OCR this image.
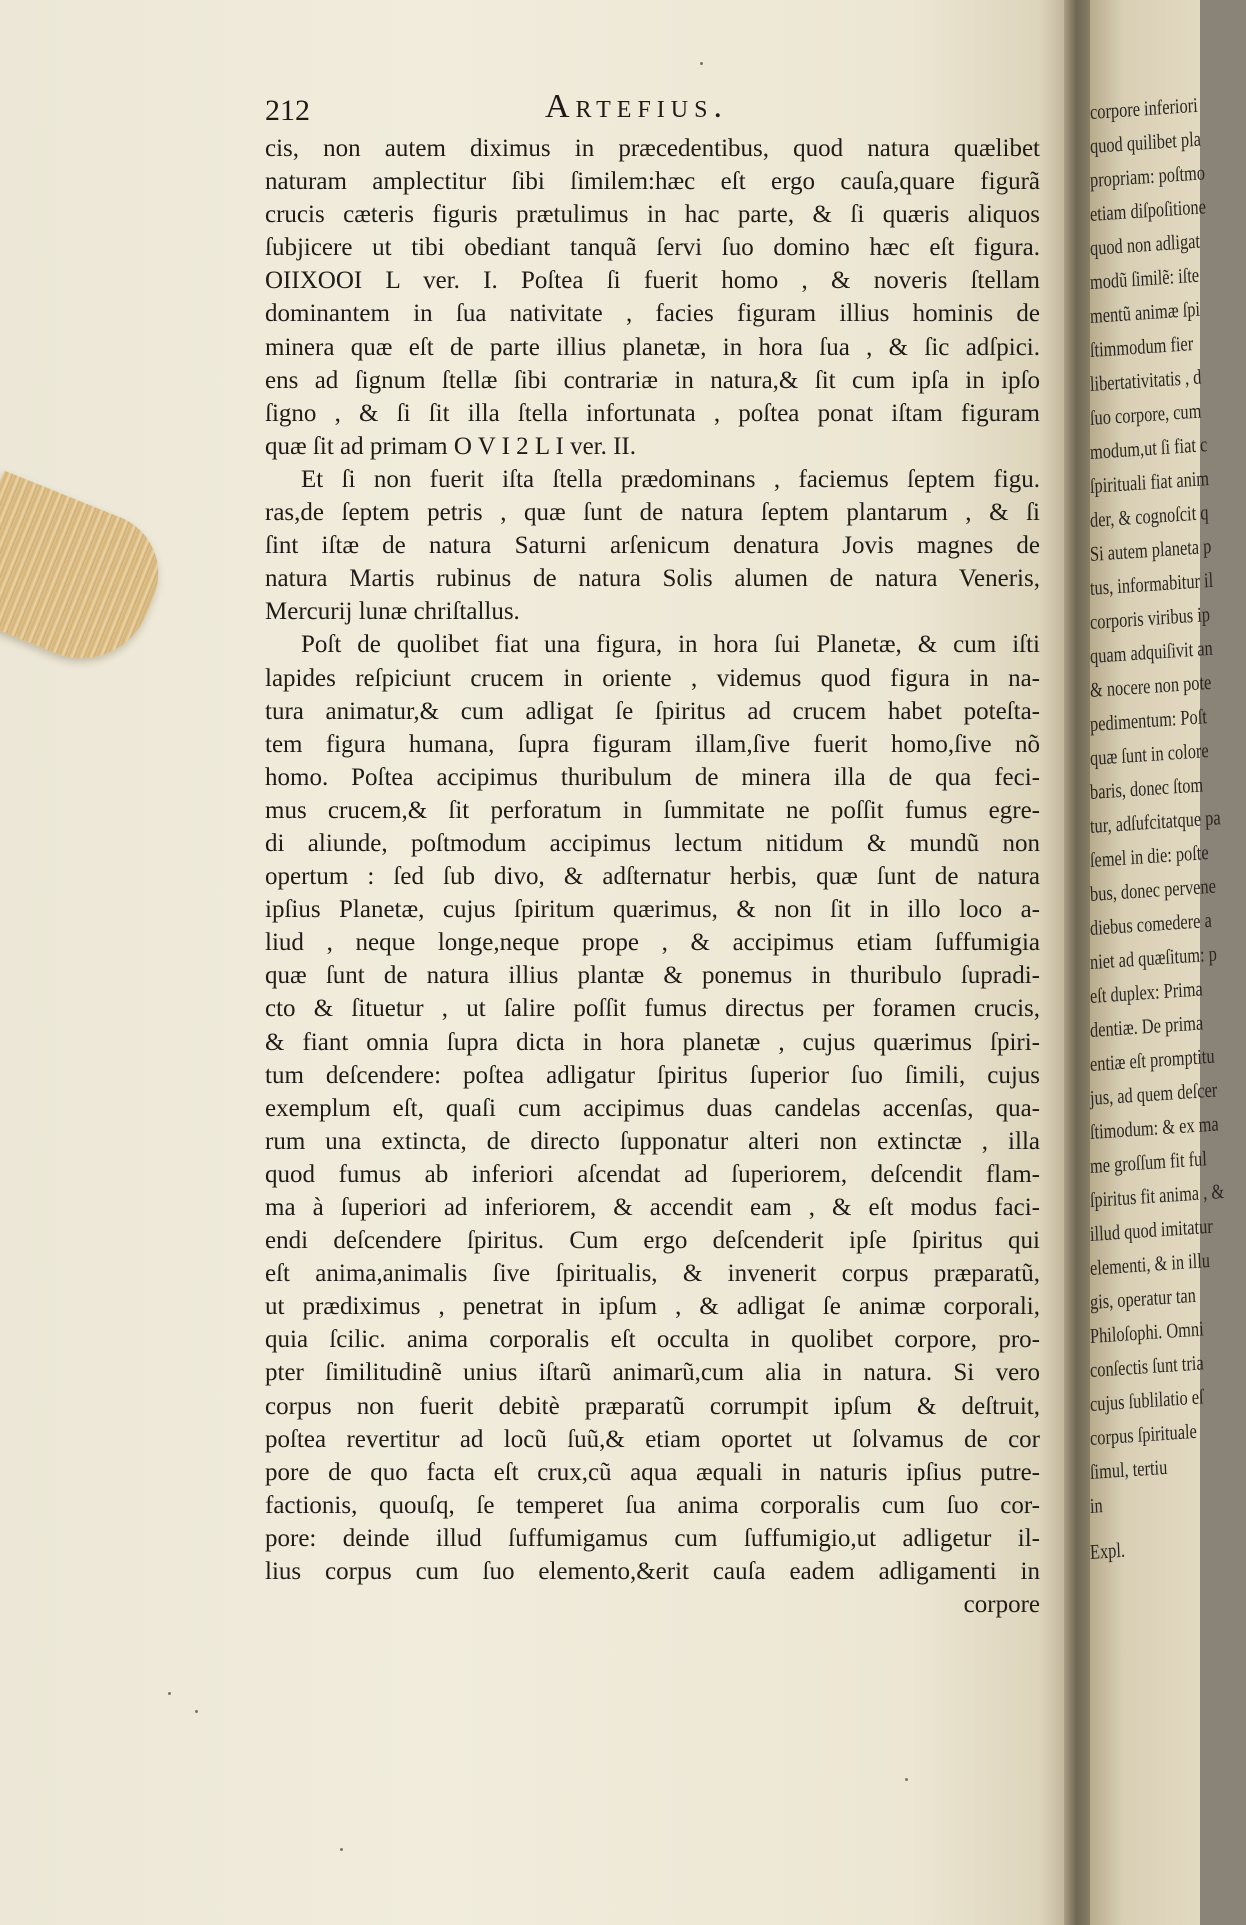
212	Artefius.
cis, non autem diximus in præcedentibus, quod natura quælibet
naturam amplectitur ſibi ſimilem:hæc eſt ergo cauſa,quare figurã
crucis cæteris figuris prætulimus in hac parte, & ſi quæris aliquos
ſubjicere ut tibi obediant tanquã ſervi ſuo domino hæc eſt figura.
OIIXOOI L ver. I. Poſtea ſi fuerit homo , & noveris ſtellam
dominantem in ſua nativitate , facies figuram illius hominis de
minera quæ eſt de parte illius planetæ, in hora ſua , & ſic adſpici.
ens ad ſignum ſtellæ ſibi contrariæ in natura,& ſit cum ipſa in ipſo
ſigno , & ſi ſit illa ſtella infortunata , poſtea ponat iſtam figuram
quæ ſit ad primam O V I 2 L I ver. II.
Et ſi non fuerit iſta ſtella prædominans , faciemus ſeptem figu.
ras,de ſeptem petris , quæ ſunt de natura ſeptem plantarum , & ſi
ſint iſtæ de natura Saturni arſenicum denatura Jovis magnes de
natura Martis rubinus de natura Solis alumen de natura Veneris,
Mercurij lunæ chriſtallus.
Poſt de quolibet fiat una figura, in hora ſui Planetæ, & cum iſti
lapides reſpiciunt crucem in oriente , videmus quod figura in na-
tura animatur,& cum adligat ſe ſpiritus ad crucem habet poteſta-
tem figura humana, ſupra figuram illam,ſive fuerit homo,ſive nõ
homo. Poſtea accipimus thuribulum de minera illa de qua feci-
mus crucem,& ſit perforatum in ſummitate ne poſſit fumus egre-
di aliunde, poſtmodum accipimus lectum nitidum & mundũ non
opertum : ſed ſub divo, & adſternatur herbis, quæ ſunt de natura
ipſius Planetæ, cujus ſpiritum quærimus, & non ſit in illo loco a-
liud , neque longe,neque prope , & accipimus etiam ſuffumigia
quæ ſunt de natura illius plantæ & ponemus in thuribulo ſupradi-
cto & ſituetur , ut ſalire poſſit fumus directus per foramen crucis,
& fiant omnia ſupra dicta in hora planetæ , cujus quærimus ſpiri-
tum deſcendere: poſtea adligatur ſpiritus ſuperior ſuo ſimili, cujus
exemplum eſt, quaſi cum accipimus duas candelas accenſas, qua-
rum una extincta, de directo ſupponatur alteri non extinctæ , illa
quod fumus ab inferiori aſcendat ad ſuperiorem, deſcendit flam-
ma à ſuperiori ad inferiorem, & accendit eam , & eſt modus faci-
endi deſcendere ſpiritus. Cum ergo deſcenderit ipſe ſpiritus qui
eſt anima,animalis ſive ſpiritualis, & invenerit corpus præparatũ,
ut prædiximus , penetrat in ipſum , & adligat ſe animæ corporali,
quia ſcilic. anima corporalis eſt occulta in quolibet corpore, pro-
pter ſimilitudinẽ unius iſtarũ animarũ,cum alia in natura. Si vero
corpus non fuerit debitè præparatũ corrumpit ipſum & deſtruit,
poſtea revertitur ad locũ ſuũ,& etiam oportet ut ſolvamus de cor
pore de quo facta eſt crux,cũ aqua æquali in naturis ipſius putre-
factionis, quouſq, ſe temperet ſua anima corporalis cum ſuo cor-
pore: deinde illud ſuffumigamus cum ſuffumigio,ut adligetur il-
lius corpus cum ſuo elemento,&erit cauſa eadem adligamenti in
corpore
corpore inferiori
quod quilibet pla
propriam: poſtmo
etiam diſpoſitione
quod non adligat
modũ ſimilẽ: iſte
mentũ animæ ſpi
ſtimmodum fier
libertativitatis , d
ſuo corpore, cum
modum,ut ſi fiat c
ſpirituali fiat anim
der, & cognoſcit q
Si autem planeta p
tus, informabitur il
corporis viribus ip
quam adquiſivit an
& nocere non pote
pedimentum: Poſt
quæ ſunt in colore
baris, donec ſtom
tur, adſufcitatque pa
ſemel in die: poſte
bus, donec pervene
diebus comedere a
niet ad quæſitum: p
eſt duplex: Prima
dentiæ. De prima
entiæ eſt promptitu
jus, ad quem deſcer
ſtimodum: & ex ma
me groſſum fit ful
ſpiritus fit anima , &
illud quod imitatur
elementi, & in illu
gis, operatur tan
Philoſophi. Omni
conſectis ſunt tria
cujus ſublilatio eſ
corpus ſpirituale
ſimul, tertiu
in
Expl.
